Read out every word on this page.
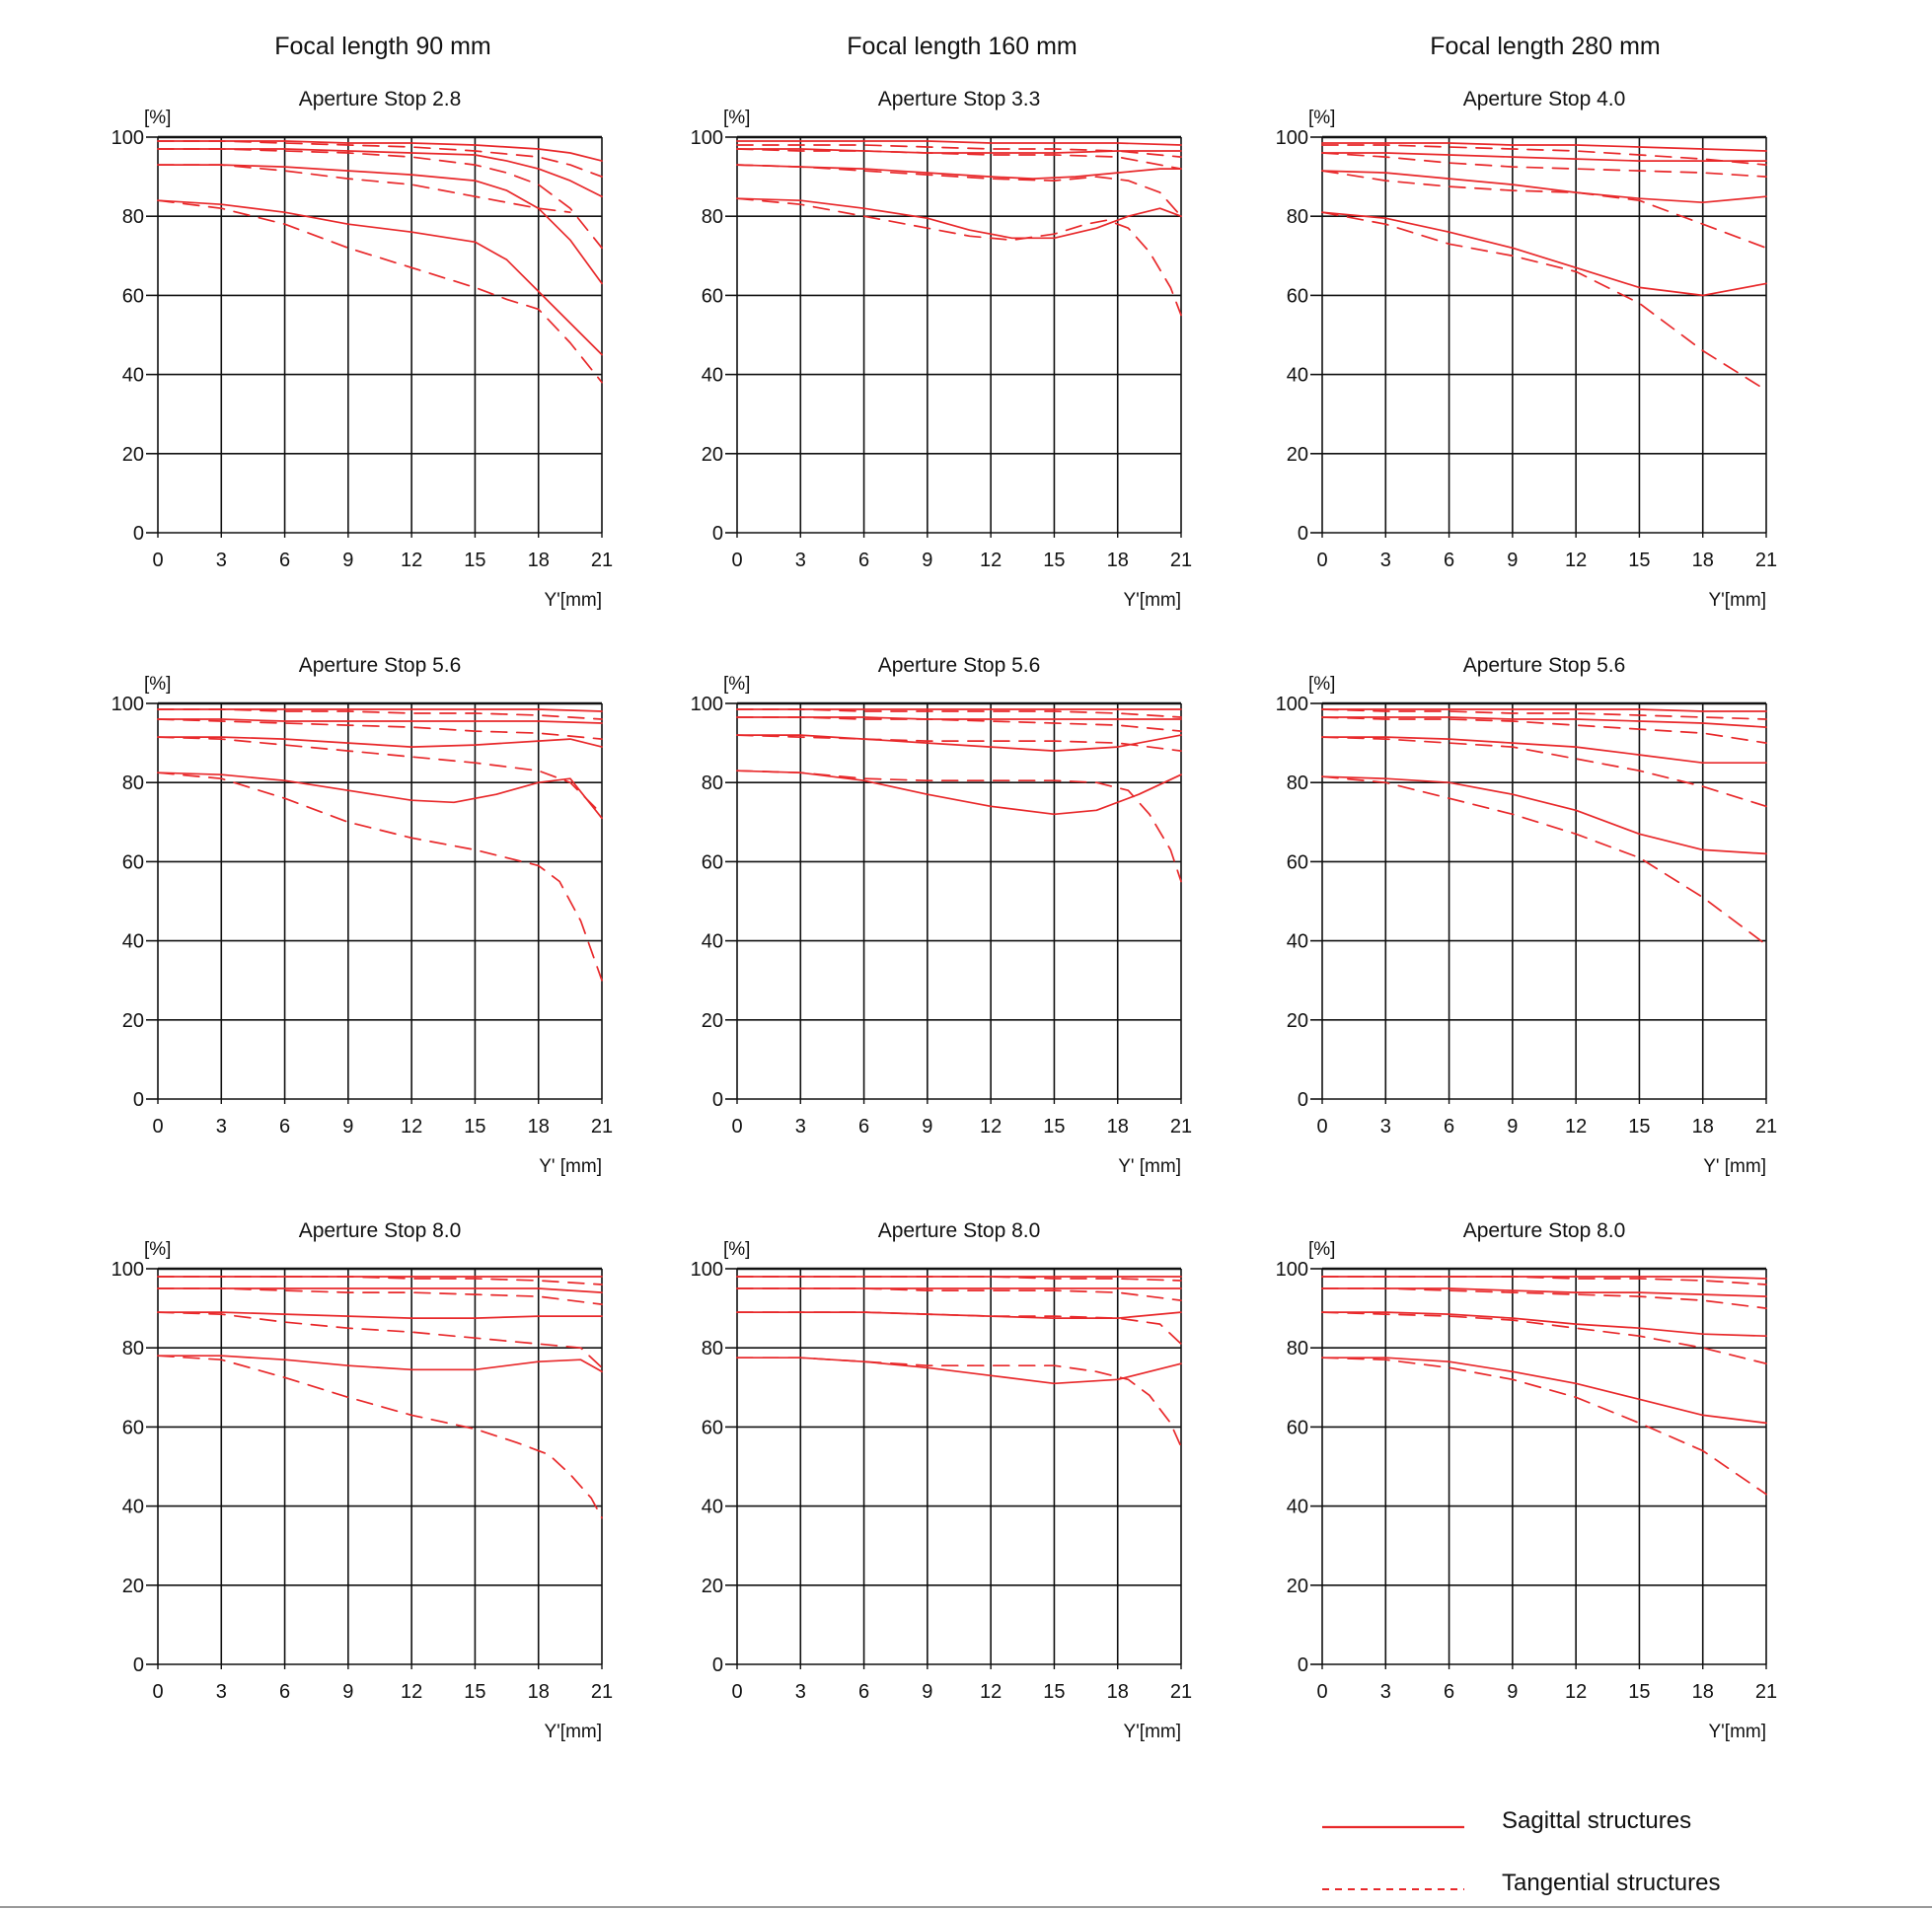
Focal length 90 mm	Focal length 160 mm	Focal length 280 mm
Aperture Stop 2.8
[%]
Y'[mm]
0	3	6	9 12 15 18 21
0
20
40
60
80
100
Aperture Stop 3.3
[%]
Y'[mm]
0	3	6	9 12 15 18 21
0
20
40
60
80
100
Aperture Stop 4.0
[%]
Y'[mm]
0	3	6	9 12 15 18 21
0
20
40
60
80
100
Aperture Stop 5.6
[%]
Y' [mm]
0	3	6	9 12 15 18 21
0
20
40
60
80
100
Aperture Stop 5.6
[%]
Y' [mm]
0	3	6	9 12 15 18 21
0
20
40
60
80
100
Aperture Stop 5.6
[%]
Y' [mm]
0	3	6	9 12 15 18 21
0
20
40
60
80
100
Aperture Stop 8.0
[%]
Y'[mm]
0	3	6	9 12 15 18 21
0
20
40
60
80
100
Aperture Stop 8.0
[%]
Y'[mm]
0	3	6	9 12 15 18 21
0
20
40
60
80
100
Aperture Stop 8.0
[%]
Y'[mm]
0	3	6	9 12 15 18 21
0
20
40
60
80
100
Sagittal structures
Tangential structures
